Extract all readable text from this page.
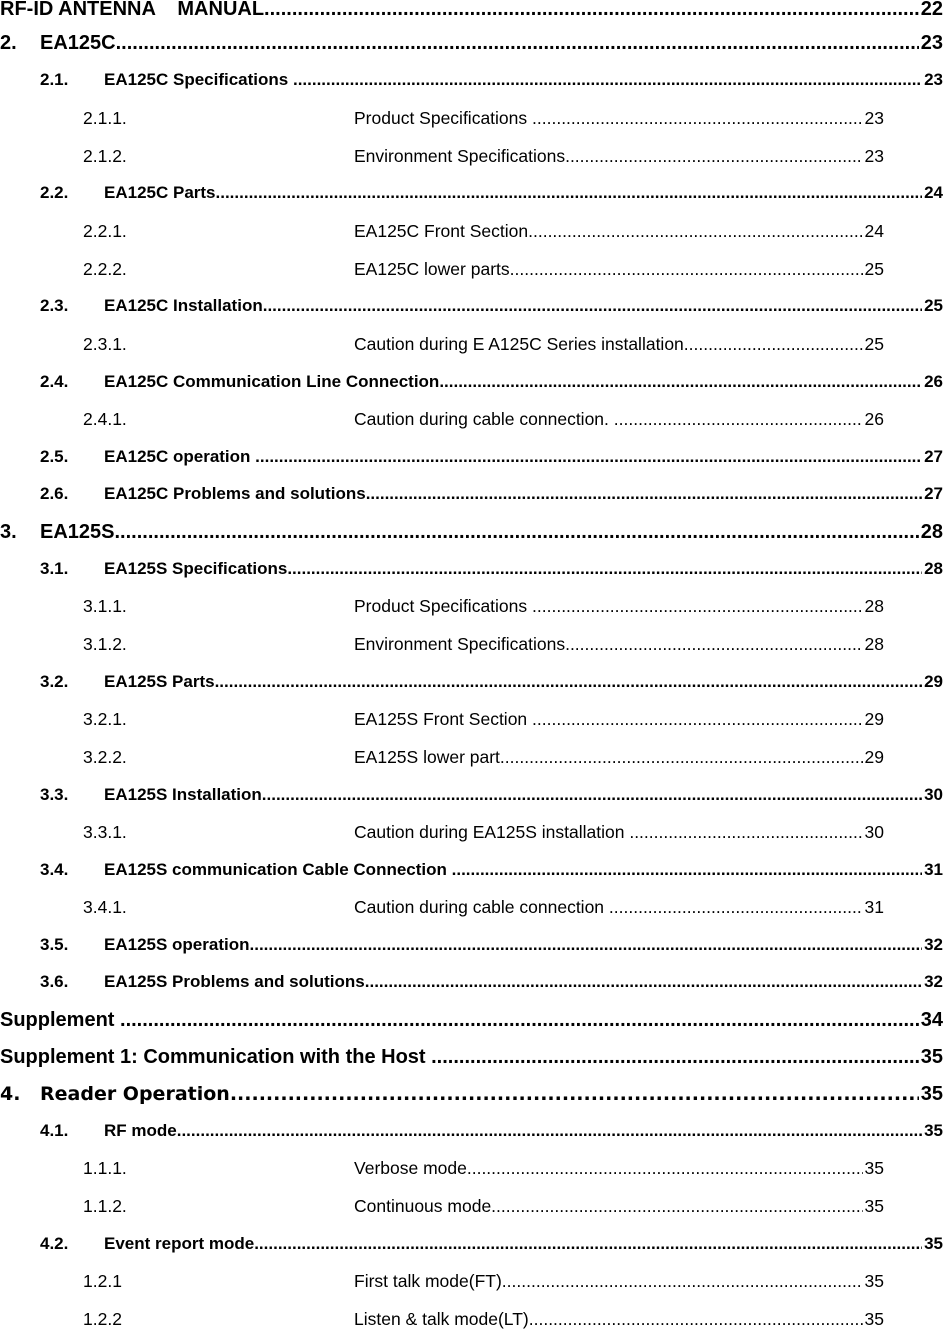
RF-ID ANTENNA    MANUAL .....	22
2.	EA125C .....	23
2.1.	EA125C Specifications .....	23
2.1.1.	Product Specifications .....	23
2.1.2.	Environment Specifications .....	23
2.2.	EA125C Parts .....	24
2.2.1.	EA125C Front Section .....	24
2.2.2.	EA125C lower parts .....	25
2.3.	EA125C Installation .....	25
2.3.1.	Caution during E A125C Series installation .....	25
2.4.	EA125C Communication Line Connection .....	26
2.4.1.	Caution during cable connection. .....	26
2.5.	EA125C operation .....	27
2.6.	EA125C Problems and solutions .....	27
3.	EA125S .....	28
3.1.	EA125S Specifications .....	28
3.1.1.	Product Specifications .....	28
3.1.2.	Environment Specifications .....	28
3.2.	EA125S Parts .....	29
3.2.1.	EA125S Front Section .....	29
3.2.2.	EA125S lower part .....	29
3.3.	EA125S Installation .....	30
3.3.1.	Caution during EA125S installation .....	30
3.4.	EA125S communication Cable Connection .....	31
3.4.1.	Caution during cable connection .....	31
3.5.	EA125S operation .....	32
3.6.	EA125S Problems and solutions .....	32
Supplement .....	34
Supplement 1: Communication with the Host .....	35
4.	Reader Operation .....	35
4.1.	RF mode .....	35
1.1.1.	Verbose mode .....	35
1.1.2.	Continuous mode .....	35
4.2.	Event report mode .....	35
1.2.1	First talk mode(FT) .....	35
1.2.2	Listen & talk mode(LT) .....	35
